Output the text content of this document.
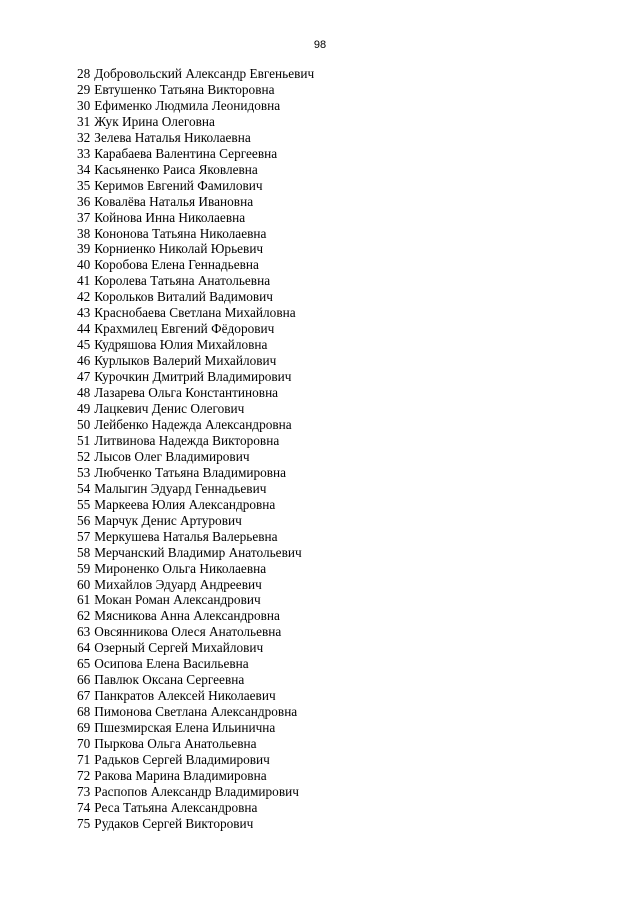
98
28 Добровольский Александр Евгеньевич
29 Евтушенко Татьяна Викторовна
30 Ефименко Людмила Леонидовна
31 Жук Ирина Олеговна
32 Зелева Наталья Николаевна
33 Карабаева Валентина Сергеевна
34 Касьяненко Раиса Яковлевна
35 Керимов Евгений Фамилович
36 Ковалёва Наталья Ивановна
37 Койнова Инна Николаевна
38 Кононова Татьяна Николаевна
39 Корниенко Николай Юрьевич
40 Коробова Елена Геннадьевна
41 Королева Татьяна Анатольевна
42 Корольков Виталий Вадимович
43 Краснобаева Светлана Михайловна
44 Крахмилец Евгений Фёдорович
45 Кудряшова Юлия Михайловна
46 Курлыков Валерий Михайлович
47 Курочкин Дмитрий Владимирович
48 Лазарева Ольга Константиновна
49 Лацкевич Денис Олегович
50 Лейбенко Надежда Александровна
51 Литвинова Надежда Викторовна
52 Лысов Олег Владимирович
53 Любченко Татьяна Владимировна
54 Малыгин Эдуард Геннадьевич
55 Маркеева Юлия Александровна
56 Марчук Денис Артурович
57 Меркушева Наталья Валерьевна
58 Мерчанский Владимир Анатольевич
59 Мироненко Ольга Николаевна
60 Михайлов Эдуард Андреевич
61 Мокан Роман Александрович
62 Мясникова Анна Александровна
63 Овсянникова Олеся Анатольевна
64 Озерный Сергей Михайлович
65 Осипова Елена Васильевна
66 Павлюк Оксана Сергеевна
67 Панкратов Алексей Николаевич
68 Пимонова Светлана Александровна
69 Пшезмирская Елена Ильинична
70 Пыркова Ольга Анатольевна
71 Радьков Сергей Владимирович
72 Ракова Марина Владимировна
73 Распопов Александр Владимирович
74 Реса Татьяна Александровна
75 Рудаков Сергей Викторович
